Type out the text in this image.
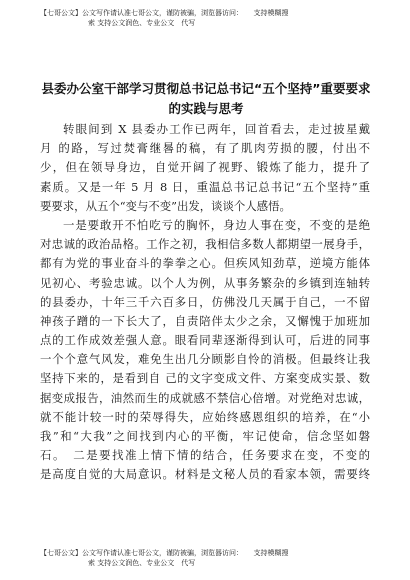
【七哥公文】公文写作请认准七哥公文，谨防被骗，浏览器访问：　　支持模糊搜
索 支持公文润色、专业公文　代写
县委办公室干部学习贯彻总书记总书记“五个坚持”重要要求
的实践与思考
转眼间到 X 县委办工作已两年，回首看去，走过披星戴
月 的路，写过焚膏继晷的稿，有了肌肉劳损的腰，付出不
少，但在领导身边，自觉开阔了视野、锻炼了能力，提升了
素质。又是一年 5 月 8 日，重温总书记总书记“五个坚持”重
要要求，从五个“变与不变”出发，谈谈个人感悟。
一是要敢开不怕吃亏的胸怀，身边人事在变，不变的是绝
对忠诚的政治品格。工作之初，我相信多数人都期望一展身手，
都有为党的事业奋斗的拳拳之心。但疾风知劲草，逆境方能体
见初心、考验忠诚。以个人为例，从事务繁杂的乡镇到连轴转
的县委办，十年三千六百多日，仿佛没几天属于自己，一不留
神孩子蹭的一下长大了，自责陪伴太少之余，又懈愧于加班加
点的工作成效差强人意。眼看同辈逐渐得到认可，后进的同事
一个个意气风发，难免生出几分顾影自怜的消极。但最终让我
坚持下来的，是看到自 己的文字变成文件、方案变成实景、数
据变成报告，油然而生的成就感不禁信心倍增。对党绝对忠诚，
就不能计较一时的荣辱得失，应始终感恩组织的培养，在“小
我”和“大我”之间找到内心的平衡，牢记使命，信念坚如磐
石。　二是要找准上情下情的结合，任务要求在变，不变的
是高度自觉的大局意识。材料是文秘人员的看家本领，需要终
【七哥公文】公文写作请认准七哥公文，谨防被骗，浏览器访问：　　支持模糊搜
索 支持公文润色、专业公文　代写
